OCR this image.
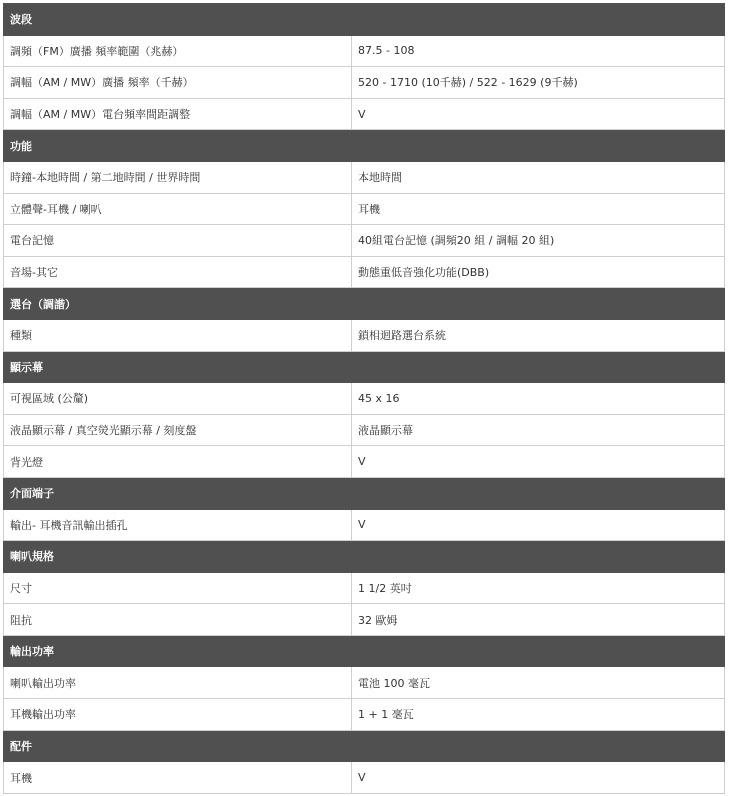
波段	
調頻（FM）廣播 頻率範圍（兆赫）	87.5 - 108
調幅（AM / MW）廣播 頻率（千赫）	520 - 1710 (10千赫) / 522 - 1629 (9千赫)
調幅（AM / MW）電台頻率間距調整	V
功能	
時鐘-本地時間 / 第二地時間 / 世界時間	本地時間
立體聲-耳機 / 喇叭	耳機
電台記憶	40組電台記憶 (調頻20 組 / 調幅 20 組)
音場-其它	動態重低音強化功能(DBB)
選台（調諧）	
種類	鎖相迴路選台系統
顯示幕	
可視區域 (公釐)	45 x 16
液晶顯示幕 / 真空熒光顯示幕 / 刻度盤	液晶顯示幕
背光燈	V
介面端子	
輸出- 耳機音訊輸出插孔	V
喇叭規格	
尺寸	1 1/2 英吋
阻抗	32 歐姆
輸出功率	
喇叭輸出功率	電池 100 毫瓦
耳機輸出功率	1 + 1 毫瓦
配件	
耳機	V
